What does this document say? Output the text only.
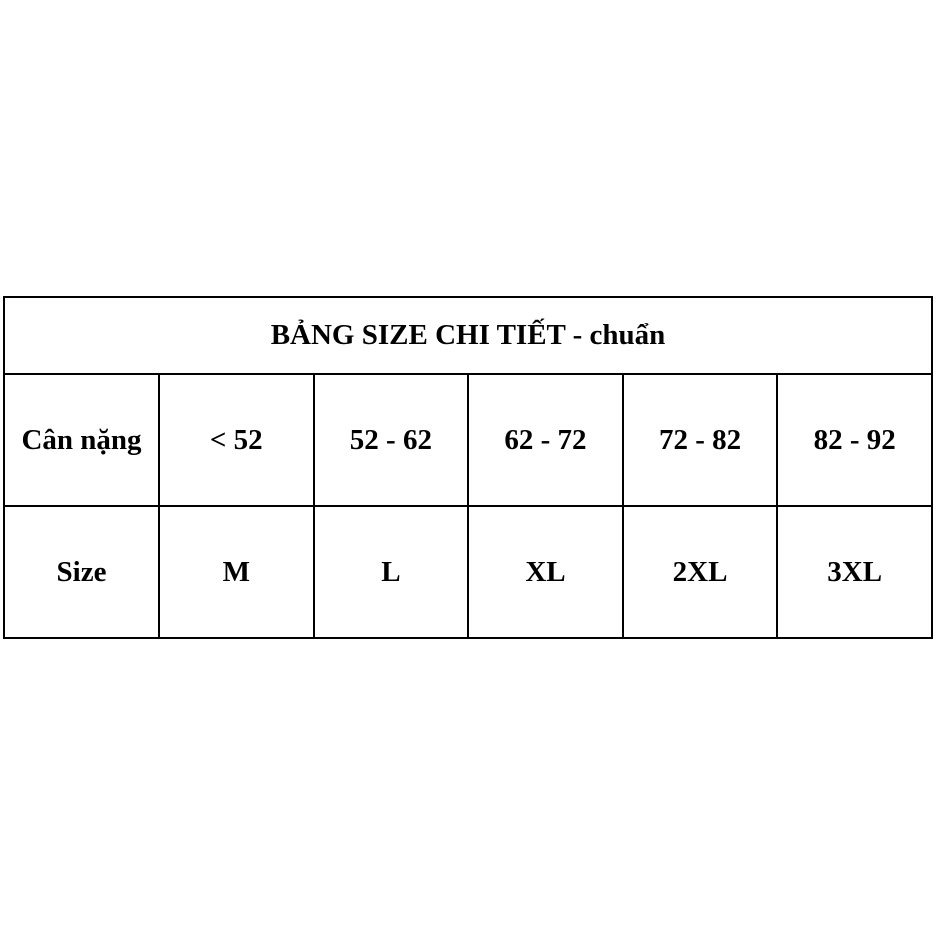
BẢNG SIZE CHI TIẾT - chuẩn					
Cân nặng	< 52	52 - 62	62 - 72	72 - 82	82 - 92
Size	M	L	XL	2XL	3XL
